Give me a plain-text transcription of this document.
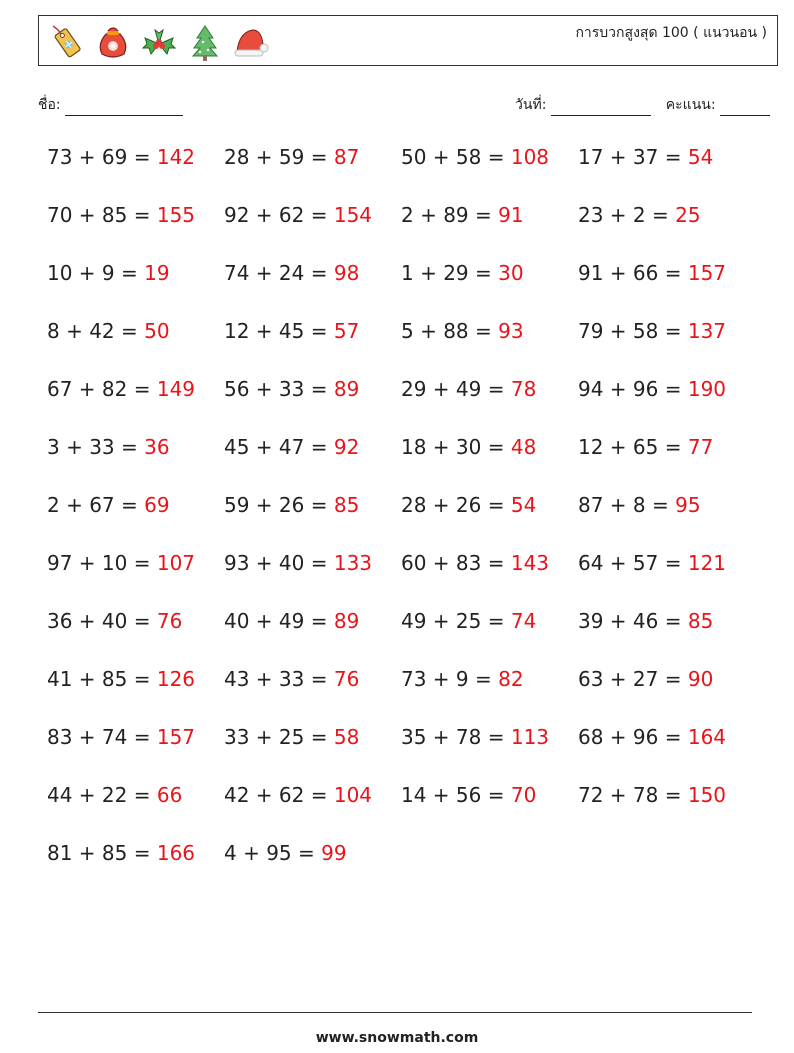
การบวกสูงสุด 100 ( แนวนอน )
ชื่อ:	วันที่:	คะแนน:
73 + 69 = 142
70 + 85 = 155
10 + 9 = 19
8 + 42 = 50
67 + 82 = 149
3 + 33 = 36
2 + 67 = 69
97 + 10 = 107
36 + 40 = 76
41 + 85 = 126
83 + 74 = 157
44 + 22 = 66
81 + 85 = 166
28 + 59 = 87
92 + 62 = 154
74 + 24 = 98
12 + 45 = 57
56 + 33 = 89
45 + 47 = 92
59 + 26 = 85
93 + 40 = 133
40 + 49 = 89
43 + 33 = 76
33 + 25 = 58
42 + 62 = 104
4 + 95 = 99
50 + 58 = 108
2 + 89 = 91
1 + 29 = 30
5 + 88 = 93
29 + 49 = 78
18 + 30 = 48
28 + 26 = 54
60 + 83 = 143
49 + 25 = 74
73 + 9 = 82
35 + 78 = 113
14 + 56 = 70
17 + 37 = 54
23 + 2 = 25
91 + 66 = 157
79 + 58 = 137
94 + 96 = 190
12 + 65 = 77
87 + 8 = 95
64 + 57 = 121
39 + 46 = 85
63 + 27 = 90
68 + 96 = 164
72 + 78 = 150
www.snowmath.com
